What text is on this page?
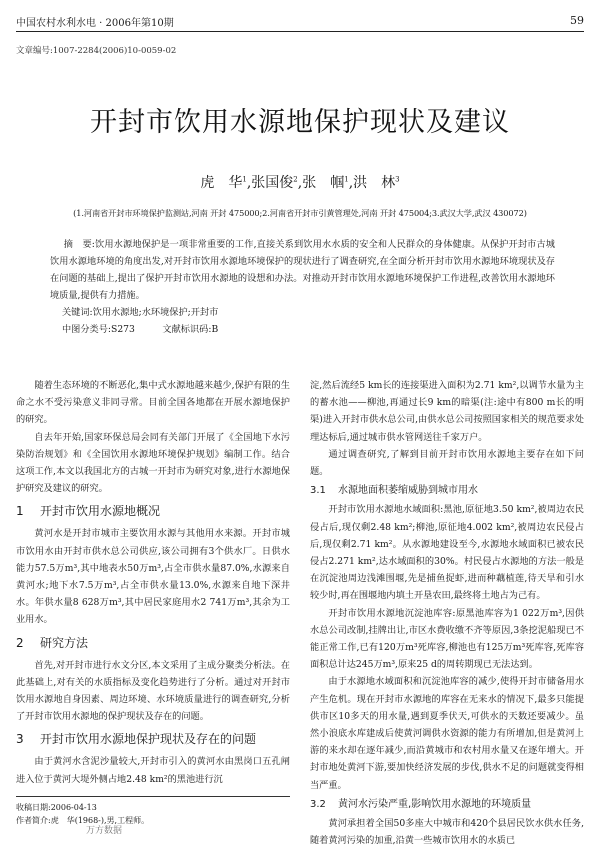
中国农村水利水电 · 2006年第10期	59
文章编号:1007-2284(2006)10-0059-02
开封市饮用水源地保护现状及建议
虎　华$^1$,张国俊$^2$,张　帼$^1$,洪　林$^3$
(1.河南省开封市环境保护监测站,河南 开封 475000;2.河南省开封市引黄管理处,河南 开封 475004;3.武汉大学,武汉 430072)

摘　要:饮用水源地保护是一项非常重要的工作,直接关系到饮用水水质的安全和人民群众的身体健康。从保护开封市古城饮用水源地环境的角度出发,对开封市饮用水源地环境保护的现状进行了调查研究,在全面分析开封市饮用水源地环境现状及存在问题的基础上,提出了保护开封市饮用水源地的设想和办法。对推动开封市饮用水源地环境保护工作进程,改善饮用水源地环境质量,提供有力措施。

关键词:饮用水源地;水环境保护;开封市

中图分类号:S273　　　文献标识码:B

随着生态环境的不断恶化,集中式水源地越来越少,保护有限的生命之水不受污染意义非同寻常。目前全国各地都在开展水源地保护的研究。

自去年开始,国家环保总局会同有关部门开展了《全国地下水污染防治规划》和《全国饮用水源地环境保护规划》编制工作。结合这项工作,本文以我国北方的古城一开封市为研究对象,进行水源地保护研究及建议的研究。

1 开封市饮用水源地概况

黄河水是开封市城市主要饮用水源与其他用水来源。开封市城市饮用水由开封市供水总公司供应,该公司拥有3个供水厂。日供水能力57.5万m³,其中地表水50万m³,占全市供水量87.0%,水源来自黄河水;地下水7.5万m³,占全市供水量13.0%,水源来自地下深井水。年供水量8 628万m³,其中居民家庭用水2 741万m³,其余为工业用水。

2 研究方法

首先,对开封市进行水文分区,本文采用了主成分聚类分析法。在此基础上,对有关的水质指标及变化趋势进行了分析。通过对开封市饮用水源地自身因素、周边环境、水环境质量进行的调查研究,分析了开封市饮用水源地的保护现状及存在的问题。

3 开封市饮用水源地保护现状及存在的问题

由于黄河水含泥沙量较大,开封市引入的黄河水由黑岗口五孔闸进入位于黄河大堤外侧占地2.48 km²的黑池进行沉

淀,然后流经5 km长的连接渠进入面积为2.71 km²,以调节水量为主的蓄水池——柳池,再通过长9 km的暗渠(注:途中有800 m长的明渠)进入开封市供水总公司,由供水总公司按照国家相关的规范要求处理达标后,通过城市供水管网送往千家万户。

通过调查研究,了解到目前开封市饮用水源地主要存在如下问题。

3.1 水源地面积萎缩威胁到城市用水

开封市饮用水源地水域面积:黑池,原征地3.50 km²,被周边农民侵占后,现仅剩2.48 km²;柳池,原征地4.002 km²,被周边农民侵占后,现仅剩2.71 km²。从水源地建设至今,水源地水域面积已被农民侵占2.271 km²,达水域面积的30%。村民侵占水源地的方法一般是在沉淀池周边浅滩围堰,先是捕鱼捉虾,进而种藕植莲,待天旱和引水较少时,再在围堰地内填土开垦农田,最终将土地占为己有。

开封市饮用水源地沉淀池库容:原黑池库容为1 022万m³,因供水总公司改制,挂牌出让,市区水费收缴不齐等原因,3条挖泥船现已不能正常工作,已有120万m³死库容,柳池也有125万m³死库容,死库容面积总计达245万m³,原来25 d的周转期现已无法达到。

由于水源地水域面积和沉淀池库容的减少,使得开封市储备用水产生危机。现在开封市水源地的库容在无来水的情况下,最多只能提供市区10多天的用水量,遇到夏季伏天,可供水的天数还要减少。虽然小浪底水库建成后使黄河调供水资源的能力有所增加,但是黄河上游的来水却在逐年减少,而沿黄城市和农村用水量又在逐年增大。开封市地处黄河下游,要加快经济发展的步伐,供水不足的问题就变得相当严重。

3.2 黄河水污染严重,影响饮用水源地的环境质量

黄河承担着全国50多座大中城市和420个县居民饮水供水任务,随着黄河污染的加重,沿黄一些城市饮用水的水质已

收稿日期:2006-04-13
作者简介:虎　华(1968-),男,工程师。
万方数据
